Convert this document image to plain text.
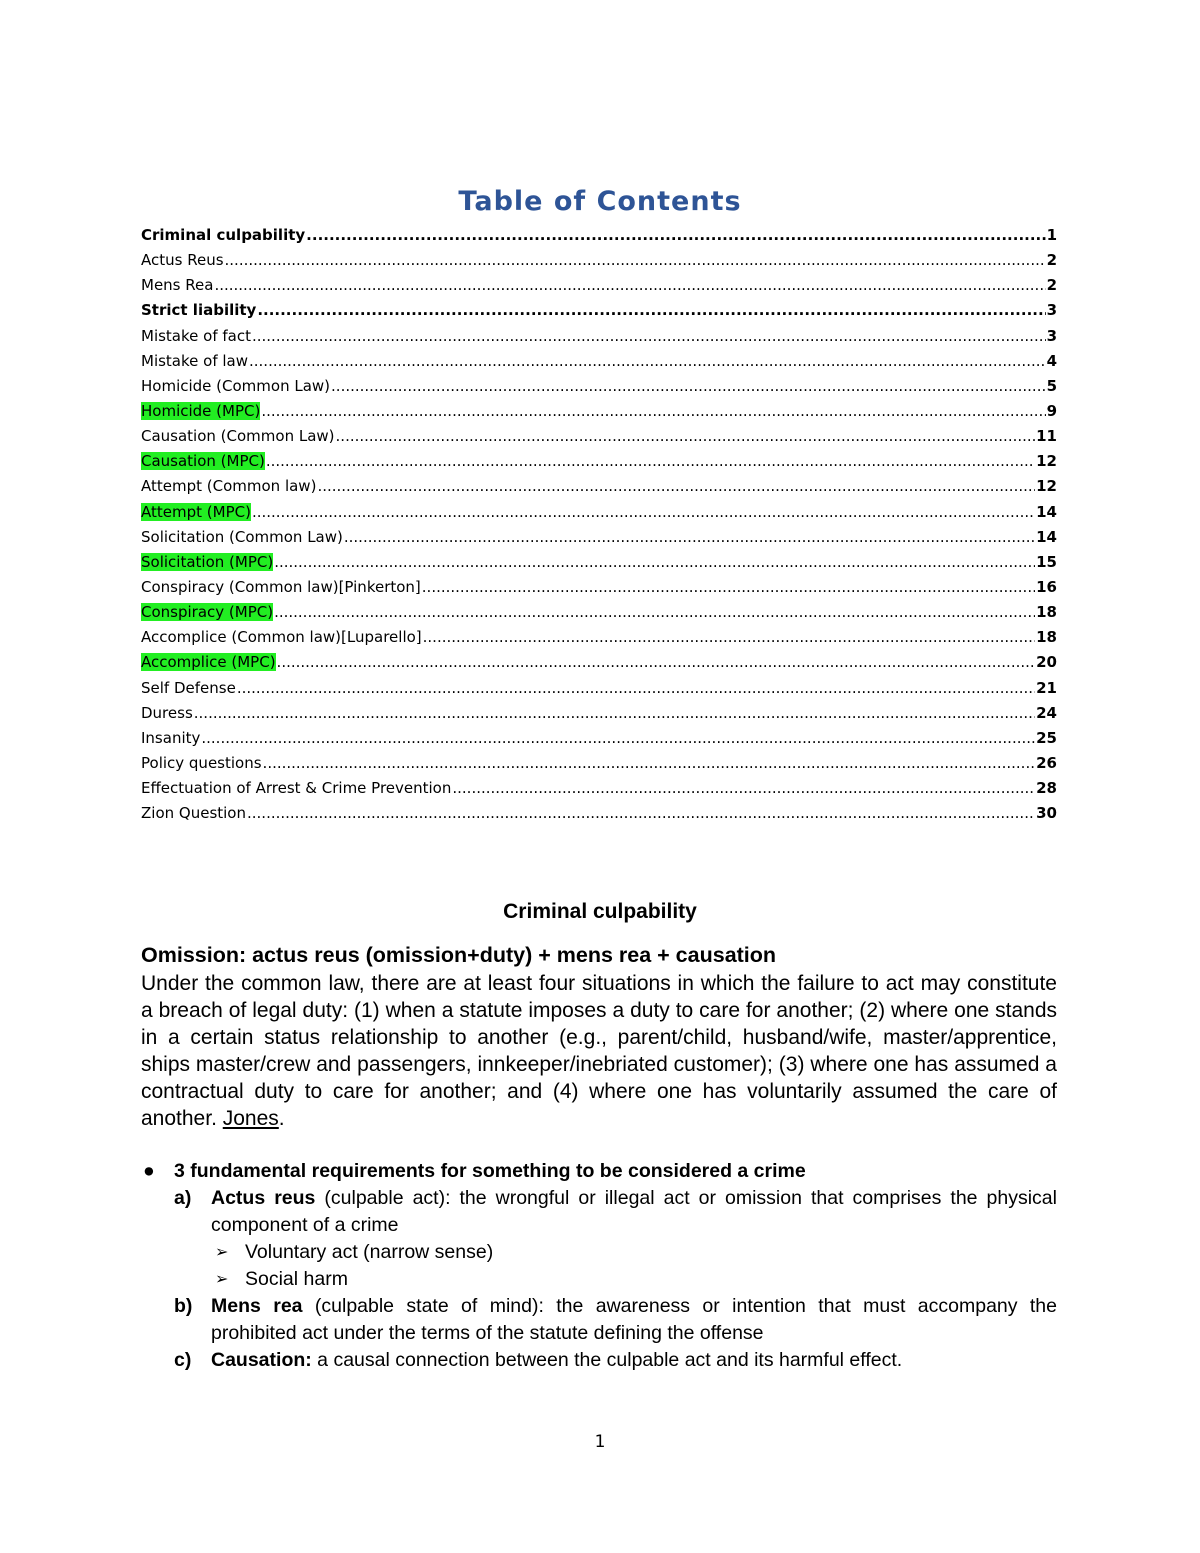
Table of Contents
Criminal culpability .....	1
Actus Reus .....	2
Mens Rea .....	2
Strict liability .....	3
Mistake of fact .....	3
Mistake of law .....	4
Homicide (Common Law) .....	5
Homicide (MPC) .....	9
Causation (Common Law) .....	11
Causation (MPC) .....	12
Attempt (Common law) .....	12
Attempt (MPC) .....	14
Solicitation (Common Law) .....	14
Solicitation (MPC) .....	15
Conspiracy (Common law)[Pinkerton] .....	16
Conspiracy (MPC) .....	18
Accomplice (Common law)[Luparello] .....	18
Accomplice (MPC) .....	20
Self Defense .....	21
Duress .....	24
Insanity .....	25
Policy questions .....	26
Effectuation of Arrest & Crime Prevention .....	28
Zion Question .....	30
Criminal culpability
Omission: actus reus (omission+duty) + mens rea + causation
Under the common law, there are at least four situations in which the failure to act may constitute a breach of legal duty: (1) when a statute imposes a duty to care for another; (2) where one stands in a certain status relationship to another (e.g., parent/child, husband/wife, master/apprentice, ships master/crew and passengers, innkeeper/inebriated customer); (3) where one has assumed a contractual duty to care for another; and (4) where one has voluntarily assumed the care of another. Jones.
● 3 fundamental requirements for something to be considered a crime
a) Actus reus (culpable act): the wrongful or illegal act or omission that comprises the physical component of a crime
➢ Voluntary act (narrow sense)
➢ Social harm
b) Mens rea (culpable state of mind): the awareness or intention that must accompany the prohibited act under the terms of the statute defining the offense
c) Causation: a causal connection between the culpable act and its harmful effect.
1
